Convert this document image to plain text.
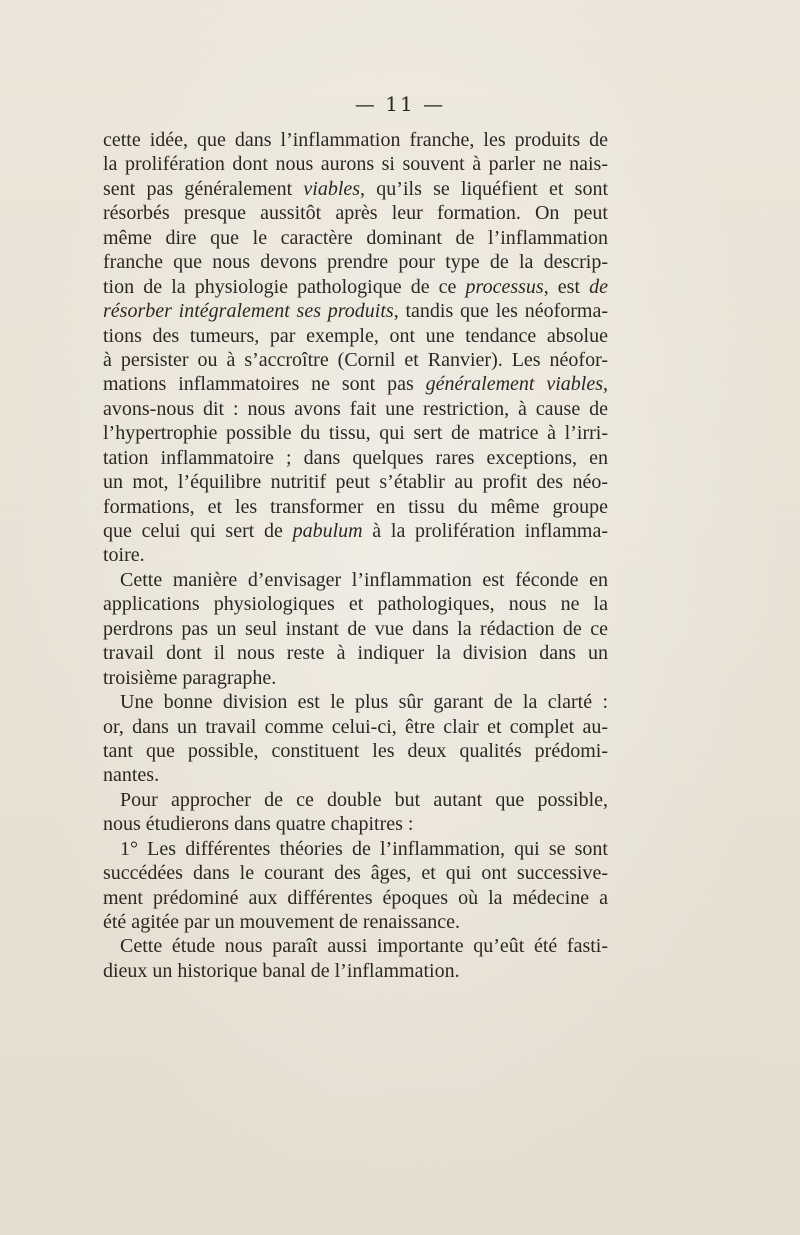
— 11 —
cette idée, que dans l’inflammation franche, les produits de
la prolifération dont nous aurons si souvent à parler ne nais-
sent pas généralement viables, qu’ils se liquéfient et sont
résorbés presque aussitôt après leur formation. On peut
même dire que le caractère dominant de l’inflammation
franche que nous devons prendre pour type de la descrip-
tion de la physiologie pathologique de ce processus, est de
résorber intégralement ses produits, tandis que les néoforma-
tions des tumeurs, par exemple, ont une tendance absolue
à persister ou à s’accroître (Cornil et Ranvier). Les néofor-
mations inflammatoires ne sont pas généralement viables,
avons-nous dit : nous avons fait une restriction, à cause de
l’hypertrophie possible du tissu, qui sert de matrice à l’irri-
tation inflammatoire ; dans quelques rares exceptions, en
un mot, l’équilibre nutritif peut s’établir au profit des néo-
formations, et les transformer en tissu du même groupe
que celui qui sert de pabulum à la prolifération inflamma-
toire.
Cette manière d’envisager l’inflammation est féconde en
applications physiologiques et pathologiques, nous ne la
perdrons pas un seul instant de vue dans la rédaction de ce
travail dont il nous reste à indiquer la division dans un
troisième paragraphe.
Une bonne division est le plus sûr garant de la clarté :
or, dans un travail comme celui-ci, être clair et complet au-
tant que possible, constituent les deux qualités prédomi-
nantes.
Pour approcher de ce double but autant que possible,
nous étudierons dans quatre chapitres :
1° Les différentes théories de l’inflammation, qui se sont
succédées dans le courant des âges, et qui ont successive-
ment prédominé aux différentes époques où la médecine a
été agitée par un mouvement de renaissance.
Cette étude nous paraît aussi importante qu’eût été fasti-
dieux un historique banal de l’inflammation.
